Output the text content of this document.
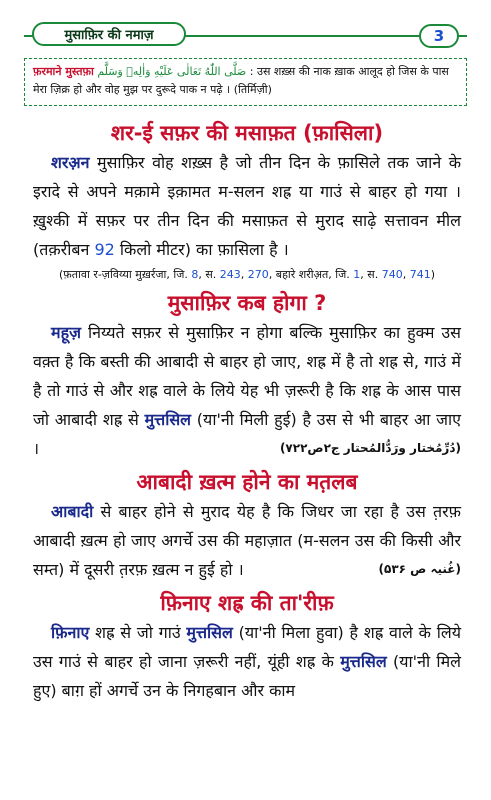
मुसाफ़िर की नमाज़	3
फ़रमाने मुस्तफ़ा صَلَّى اللّٰهُ تَعَالٰى عَلَيْهِ وَاٰلِهٖ وَسَلَّم : उस शख़्स की नाक ख़ाक आलूद हो जिस के पास मेरा ज़िक्र हो और वोह मुझ पर दुरूदे पाक न पढ़े । (तिर्मिज़ी)
शर-ई सफ़र की मसाफ़त (फ़ासिला)

शरअ़न मुसाफ़िर वोह शख़्स है जो तीन दिन के फ़ासिले तक जाने के इरादे से अपने मक़ामे इक़ामत म-सलन शह्र या गाउं से बाहर हो गया । ख़ुश्की में सफ़र पर तीन दिन की मसाफ़त से मुराद साढ़े सत्तावन मील (तक़रीबन 92 किलो मीटर) का फ़ासिला है ।

(फ़तावा र-ज़विय्या मुख़र्रजा, जि. 8, स. 243, 270, बहारे शरीअ़त, जि. 1, स. 740, 741)
मुसाफ़िर कब होगा ?

महूज़ निय्यते सफ़र से मुसाफ़िर न होगा बल्कि मुसाफ़िर का हुक्म उस वक़्त है कि बस्ती की आबादी से बाहर हो जाए, शह्र में है तो शह्र से, गाउं में है तो गाउं से और शह्र वाले के लिये येह भी ज़रूरी है कि शह्र के आस पास जो आबादी शह्र से मुत्तसिल (या'नी मिली हुई) है उस से भी बाहर आ जाए ।	(دُرِّمُختار ورَدُّالمُحتار ج۲ص۷۲۲)

आबादी ख़त्म होने का मत़लब

आबादी से बाहर होने से मुराद येह है कि जिधर जा रहा है उस त़रफ़ आबादी ख़त्म हो जाए अगर्चे उस की महाज़ात (म-सलन उस की किसी और सम्त) में दूसरी त़रफ़ ख़त्म न हुई हो ।	(غُنیہ ص ۵۳۶)

फ़िनाए शह्र की ता'रीफ़

फ़िनाए शह्र से जो गाउं मुत्तसिल (या'नी मिला हुवा) है शह्र वाले के लिये उस गाउं से बाहर हो जाना ज़रूरी नहीं, यूंही शह्र के मुत्तसिल (या'नी मिले हुए) बाग़ हों अगर्चे उन के निगहबान और काम
